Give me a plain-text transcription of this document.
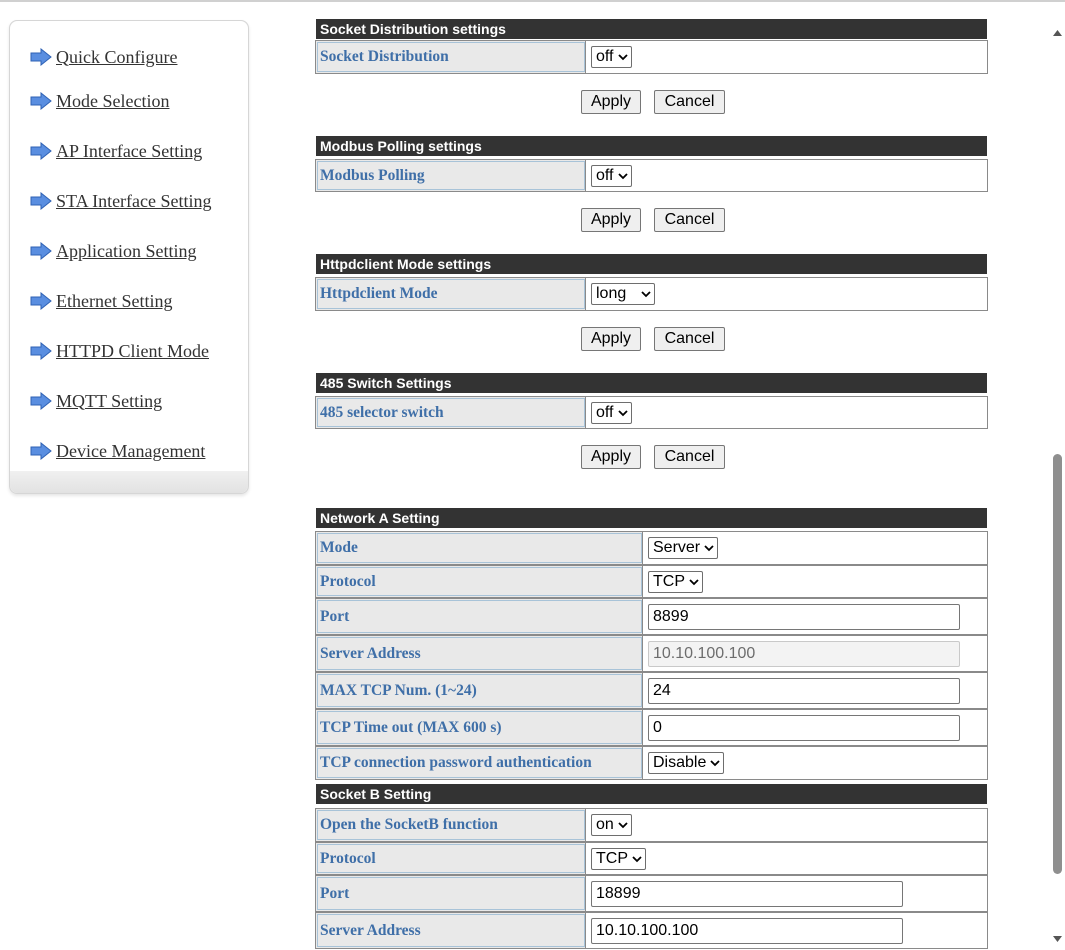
Quick Configure
Mode Selection
AP Interface Setting
STA Interface Setting
Application Setting
Ethernet Setting
HTTPD Client Mode
MQTT Setting
Device Management
Socket Distribution settings
Socket Distribution	off
Apply	Cancel
Modbus Polling settings
Modbus Polling	off
Apply	Cancel
Httpdclient Mode settings
Httpdclient Mode	long
Apply	Cancel
485 Switch Settings
485 selector switch	off
Apply	Cancel
Network A Setting
Mode	Server
Protocol	TCP
Port	8899
Server Address	10.10.100.100
MAX TCP Num. (1~24)	24
TCP Time out (MAX 600 s)	0
TCP connection password authentication	Disable
Socket B Setting
Open the SocketB function	on
Protocol	TCP
Port	18899
Server Address	10.10.100.100
